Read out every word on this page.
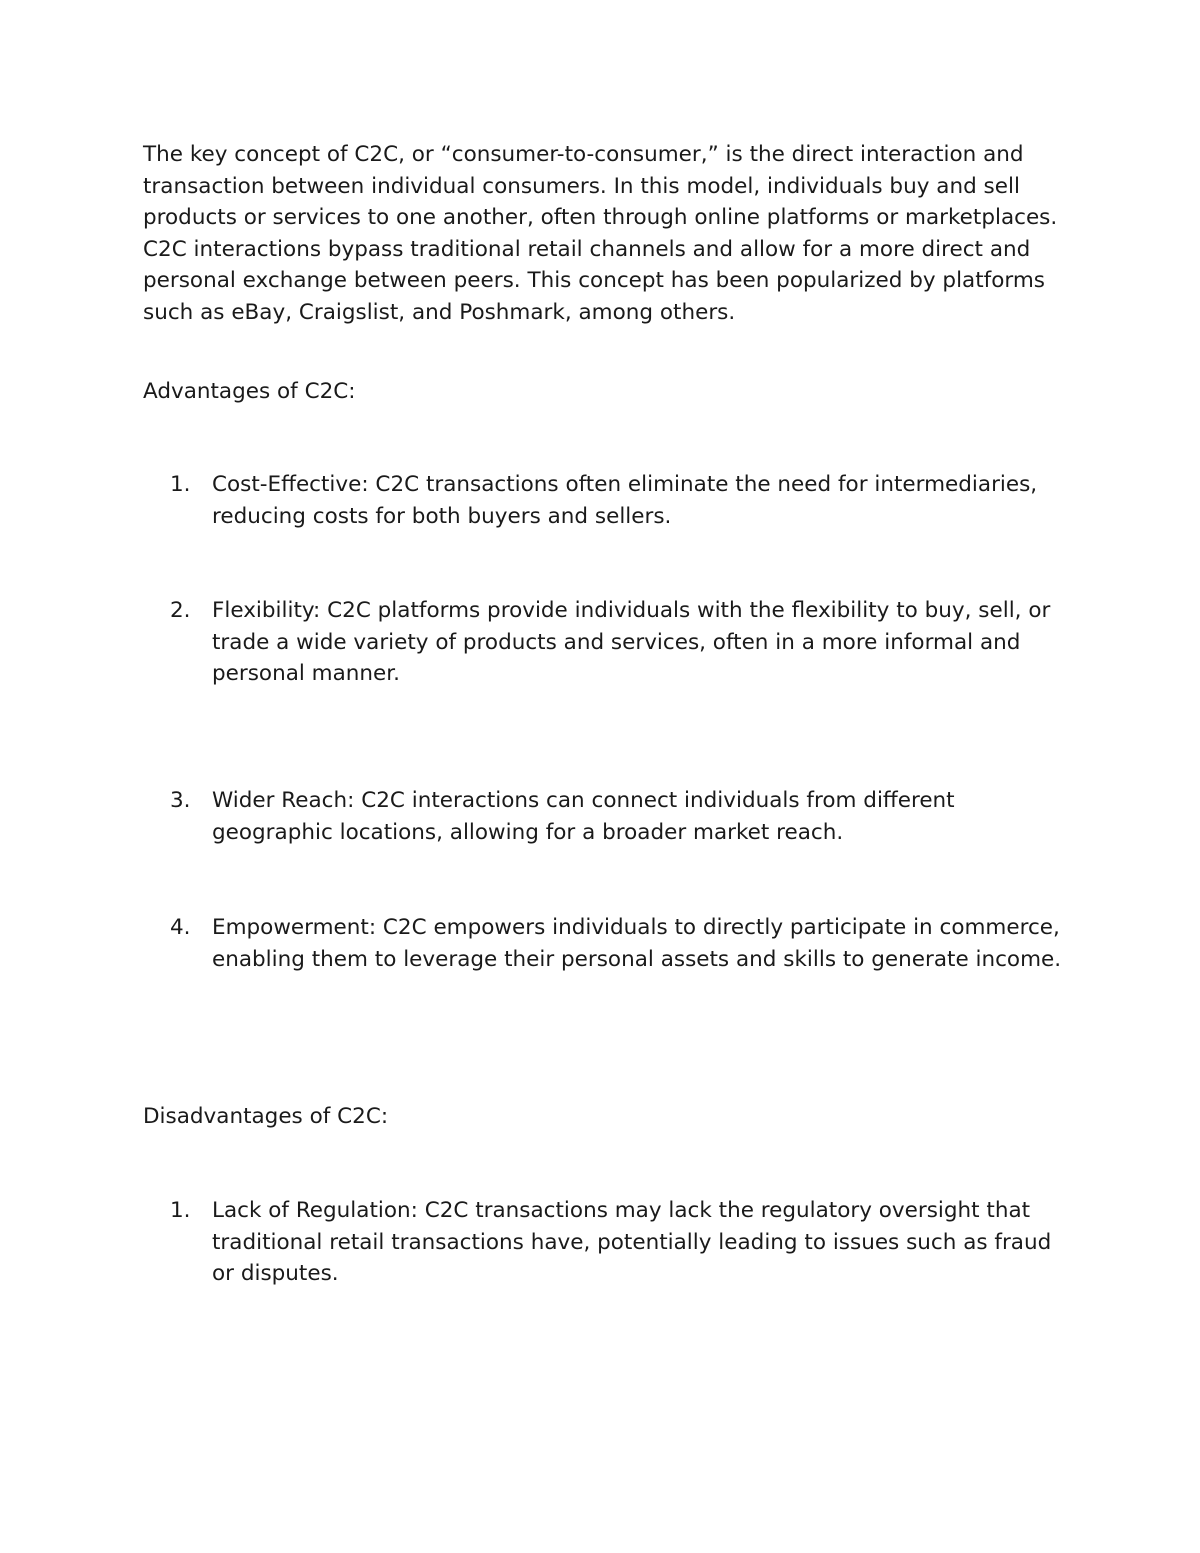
The key concept of C2C, or “consumer-to-consumer,” is the direct interaction and transaction between individual consumers. In this model, individuals buy and sell products or services to one another, often through online platforms or marketplaces. C2C interactions bypass traditional retail channels and allow for a more direct and personal exchange between peers. This concept has been popularized by platforms such as eBay, Craigslist, and Poshmark, among others.

Advantages of C2C:
1. Cost-Effective: C2C transactions often eliminate the need for intermediaries, reducing costs for both buyers and sellers.
2. Flexibility: C2C platforms provide individuals with the flexibility to buy, sell, or trade a wide variety of products and services, often in a more informal and personal manner.
3. Wider Reach: C2C interactions can connect individuals from different geographic locations, allowing for a broader market reach.
4. Empowerment: C2C empowers individuals to directly participate in commerce, enabling them to leverage their personal assets and skills to generate income.
Disadvantages of C2C:
1. Lack of Regulation: C2C transactions may lack the regulatory oversight that traditional retail transactions have, potentially leading to issues such as fraud or disputes.
